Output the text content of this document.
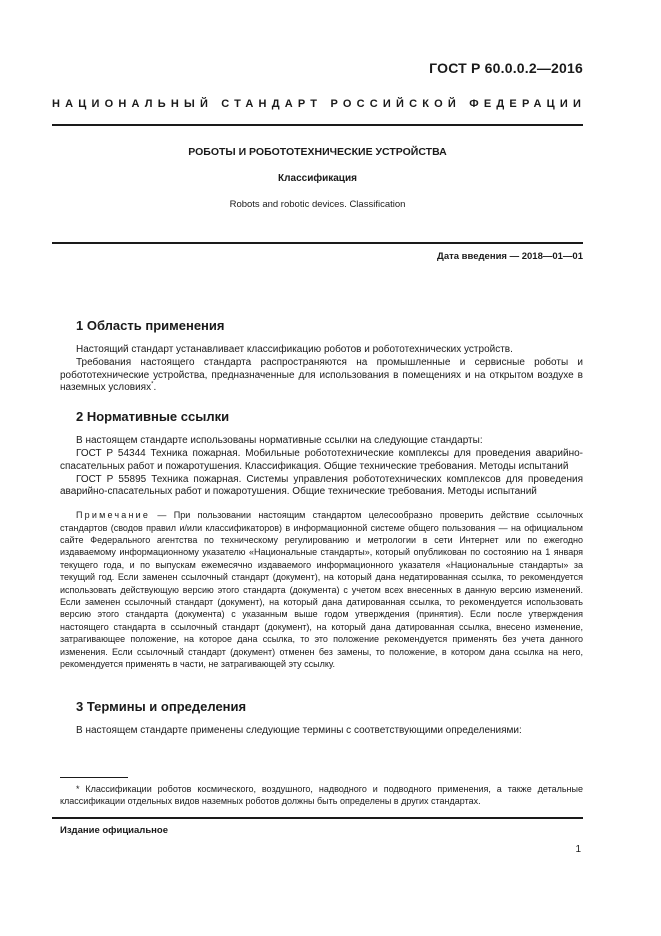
ГОСТ Р 60.0.0.2—2016
НАЦИОНАЛЬНЫЙ СТАНДАРТ РОССИЙСКОЙ ФЕДЕРАЦИИ
РОБОТЫ И РОБОТОТЕХНИЧЕСКИЕ УСТРОЙСТВА
Классификация
Robots and robotic devices. Classification
Дата введения — 2018—01—01
1 Область применения

Настоящий стандарт устанавливает классификацию роботов и робототехнических устройств.

Требования настоящего стандарта распространяются на промышленные и сервисные роботы и робототехнические устройства, предназначенные для использования в помещениях и на открытом воздухе в наземных условиях*.

2 Нормативные ссылки

В настоящем стандарте использованы нормативные ссылки на следующие стандарты:

ГОСТ Р 54344 Техника пожарная. Мобильные робототехнические комплексы для проведения аварийно-спасательных работ и пожаротушения. Классификация. Общие технические требования. Методы испытаний

ГОСТ Р 55895 Техника пожарная. Системы управления робототехнических комплексов для проведения аварийно-спасательных работ и пожаротушения. Общие технические требования. Методы испытаний

Примечание — При пользовании настоящим стандартом целесообразно проверить действие ссылочных стандартов (сводов правил и/или классификаторов) в информационной системе общего пользования — на официальном сайте Федерального агентства по техническому регулированию и метрологии в сети Интернет или по ежегодно издаваемому информационному указателю «Национальные стандарты», который опубликован по состоянию на 1 января текущего года, и по выпускам ежемесячно издаваемого информационного указателя «Национальные стандарты» за текущий год. Если заменен ссылочный стандарт (документ), на который дана недатированная ссылка, то рекомендуется использовать действующую версию этого стандарта (документа) с учетом всех внесенных в данную версию изменений. Если заменен ссылочный стандарт (документ), на который дана датированная ссылка, то рекомендуется использовать версию этого стандарта (документа) с указанным выше годом утверждения (принятия). Если после утверждения настоящего стандарта в ссылочный стандарт (документ), на который дана датированная ссылка, внесено изменение, затрагивающее положение, на которое дана ссылка, то это положение рекомендуется применять без учета данного изменения. Если ссылочный стандарт (документ) отменен без замены, то положение, в котором дана ссылка на него, рекомендуется применять в части, не затрагивающей эту ссылку.

3 Термины и определения

В настоящем стандарте применены следующие термины с соответствующими определениями:

* Классификации роботов космического, воздушного, надводного и подводного применения, а также детальные классификации отдельных видов наземных роботов должны быть определены в других стандартах.
Издание официальное
1
